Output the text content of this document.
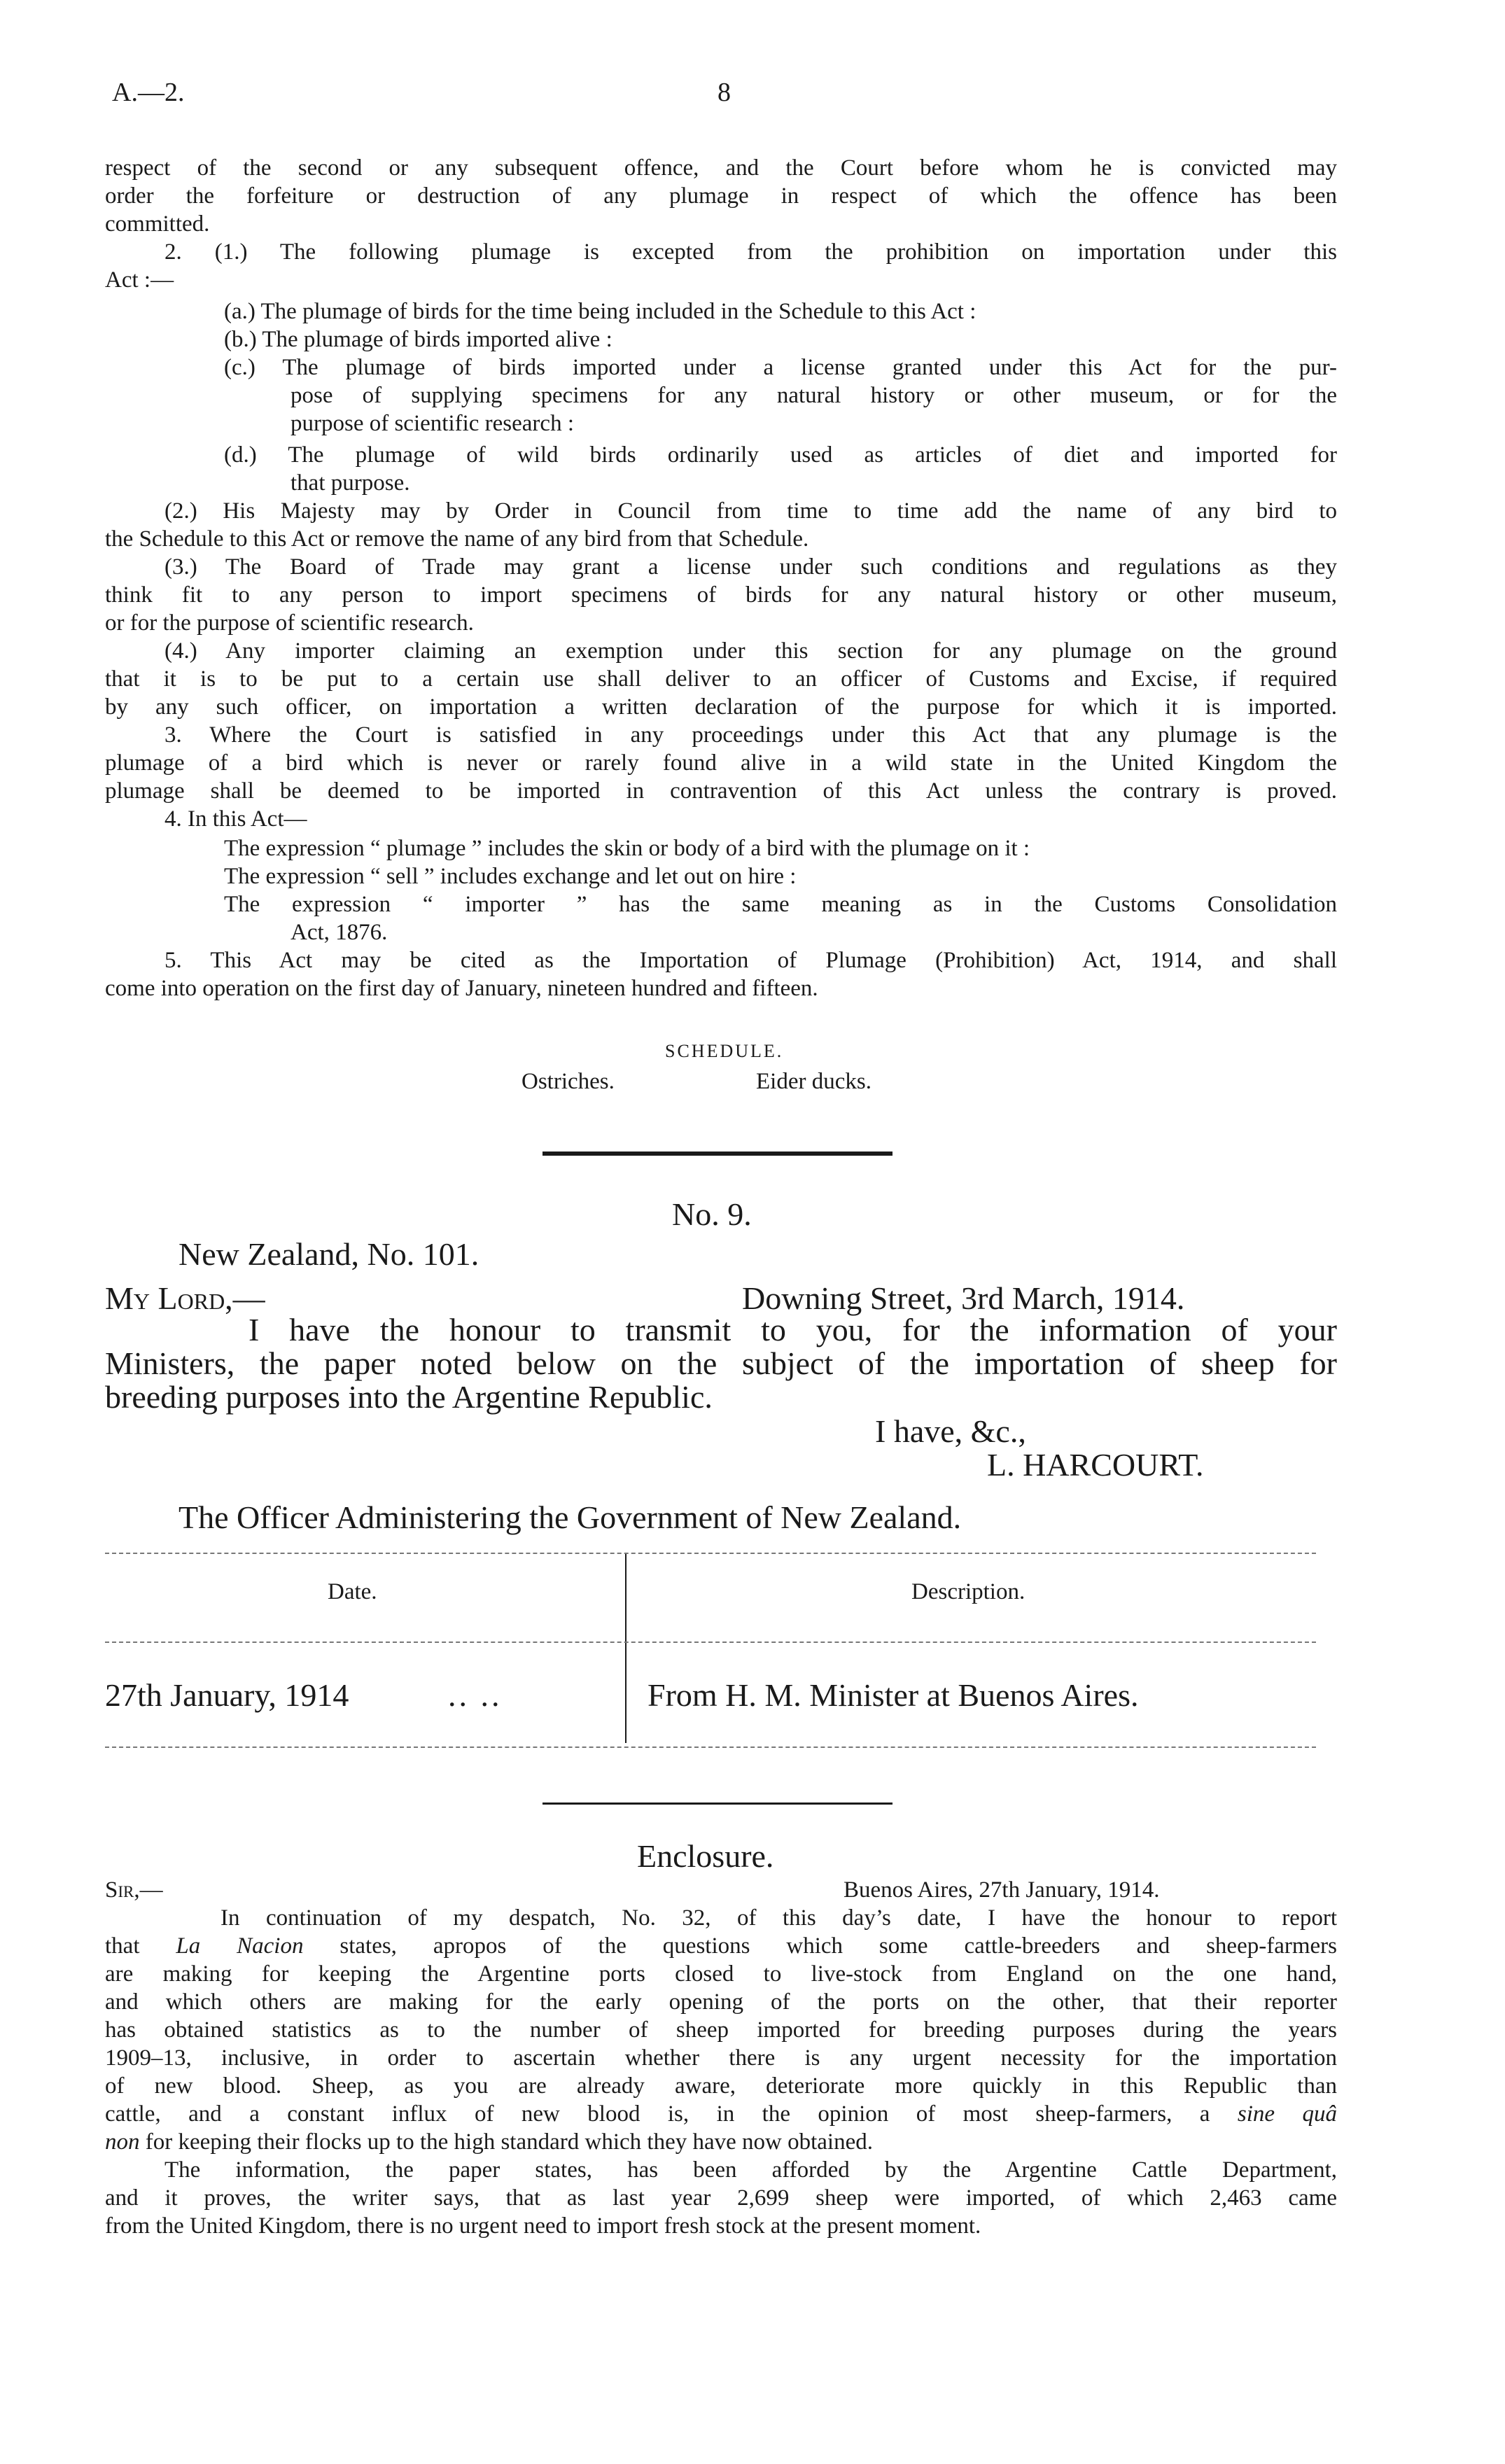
A.—2.	8
respect of the second or any subsequent offence, and the Court before whom he is convicted may
order the forfeiture or destruction of any plumage in respect of which the offence has been
committed.
2. (1.) The following plumage is excepted from the prohibition on importation under this
Act :—
(a.) The plumage of birds for the time being included in the Schedule to this Act :
(b.) The plumage of birds imported alive :
(c.) The plumage of birds imported under a license granted under this Act for the pur-
pose of supplying specimens for any natural history or other museum, or for the
purpose of scientific research :
(d.) The plumage of wild birds ordinarily used as articles of diet and imported for
that purpose.
(2.) His Majesty may by Order in Council from time to time add the name of any bird to
the Schedule to this Act or remove the name of any bird from that Schedule.
(3.) The Board of Trade may grant a license under such conditions and regulations as they
think fit to any person to import specimens of birds for any natural history or other museum,
or for the purpose of scientific research.
(4.) Any importer claiming an exemption under this section for any plumage on the ground
that it is to be put to a certain use shall deliver to an officer of Customs and Excise, if required
by any such officer, on importation a written declaration of the purpose for which it is imported.
3. Where the Court is satisfied in any proceedings under this Act that any plumage is the
plumage of a bird which is never or rarely found alive in a wild state in the United Kingdom the
plumage shall be deemed to be imported in contravention of this Act unless the contrary is proved.
4. In this Act—
The expression “ plumage ” includes the skin or body of a bird with the plumage on it :
The expression “ sell ” includes exchange and let out on hire :
The expression “ importer ” has the same meaning as in the Customs Consolidation
Act, 1876.
5. This Act may be cited as the Importation of Plumage (Prohibition) Act, 1914, and shall
come into operation on the first day of January, nineteen hundred and fifteen.
SCHEDULE.
Ostriches.	Eider ducks.
No. 9.
New Zealand, No. 101.
My Lord,—	Downing Street, 3rd March, 1914.
I have the honour to transmit to you, for the information of your
Ministers, the paper noted below on the subject of the importation of sheep for
breeding purposes into the Argentine Republic.
I have, &c.,
L. HARCOURT.
The Officer Administering the Government of New Zealand.
Date.	Description.
27th January, 1914	.. ..	From H. M. Minister at Buenos Aires.
Enclosure.
Sir,—	Buenos Aires, 27th January, 1914.
In continuation of my despatch, No. 32, of this day’s date, I have the honour to report
that La Nacion states, apropos of the questions which some cattle-breeders and sheep-farmers
are making for keeping the Argentine ports closed to live-stock from England on the one hand,
and which others are making for the early opening of the ports on the other, that their reporter
has obtained statistics as to the number of sheep imported for breeding purposes during the years
1909–13, inclusive, in order to ascertain whether there is any urgent necessity for the importation
of new blood. Sheep, as you are already aware, deteriorate more quickly in this Republic than
cattle, and a constant influx of new blood is, in the opinion of most sheep-farmers, a sine quâ
non for keeping their flocks up to the high standard which they have now obtained.
The information, the paper states, has been afforded by the Argentine Cattle Department,
and it proves, the writer says, that as last year 2,699 sheep were imported, of which 2,463 came
from the United Kingdom, there is no urgent need to import fresh stock at the present moment.
